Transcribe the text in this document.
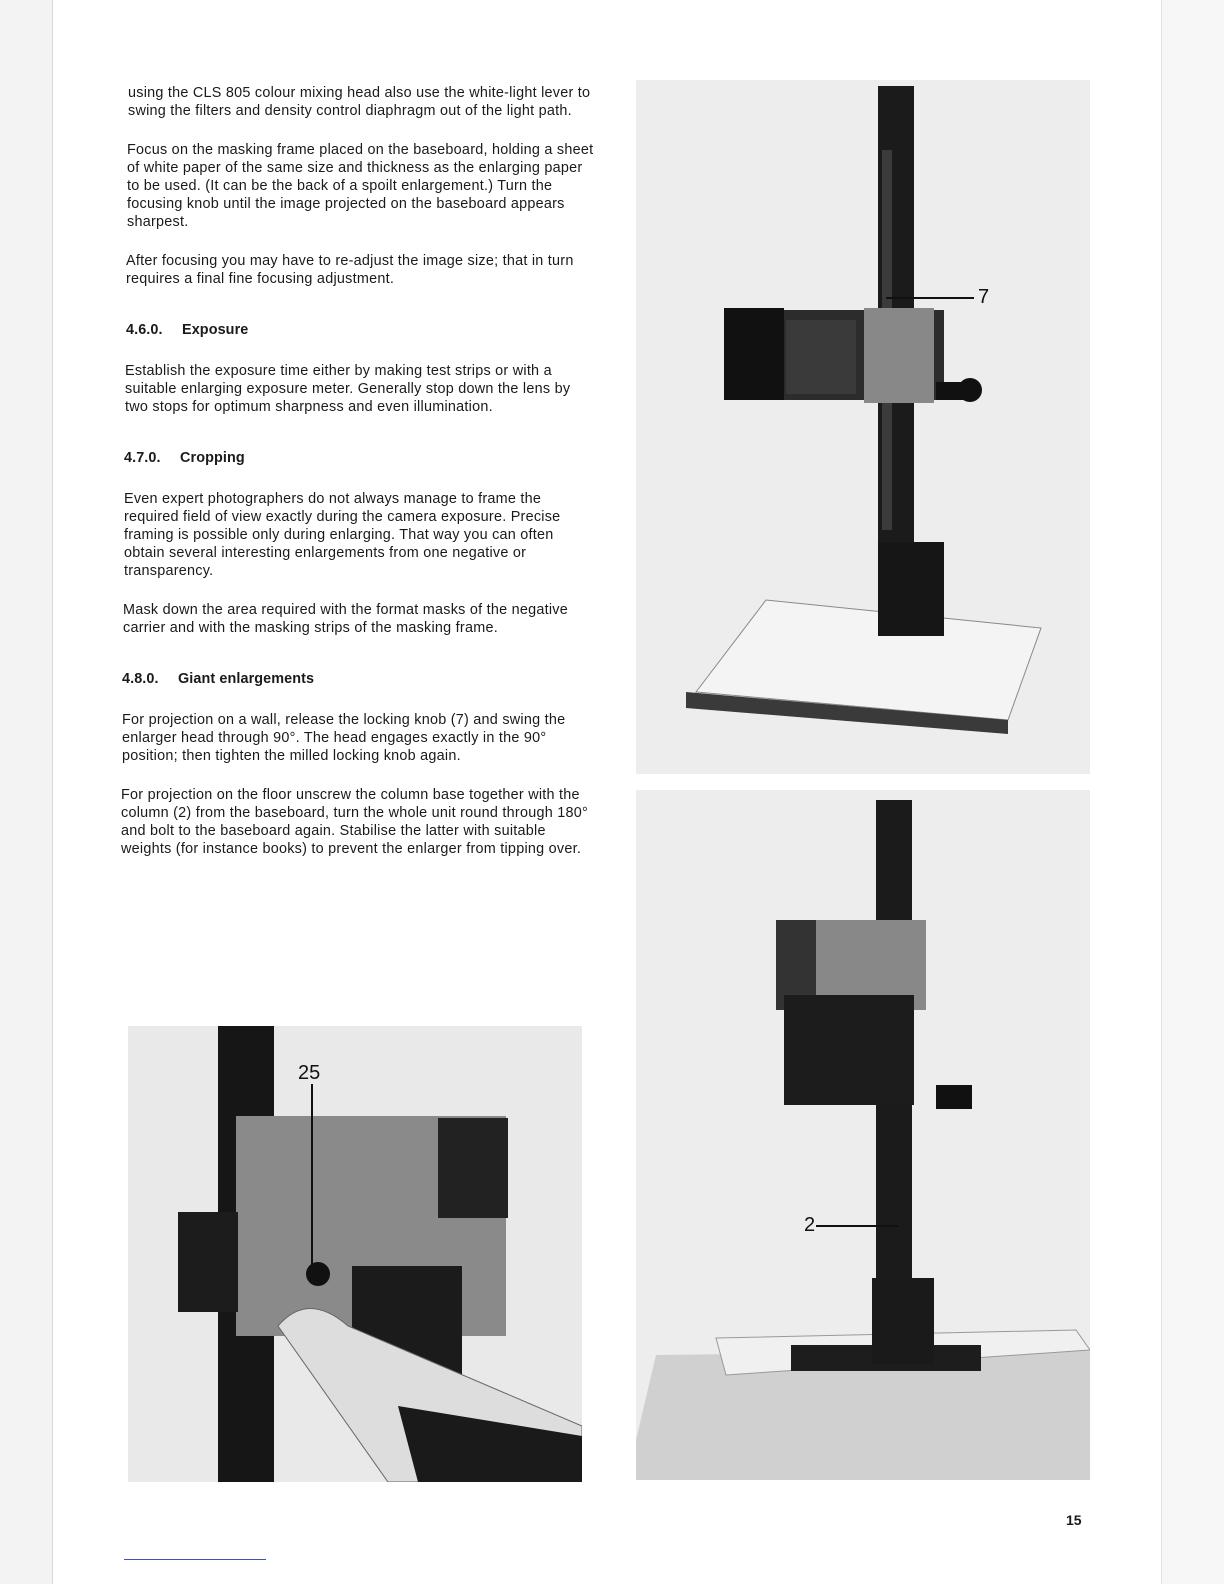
using the CLS 805 colour mixing head also use the white-light lever to swing the filters and density control diaphragm out of the light path.

Focus on the masking frame placed on the baseboard, holding a sheet of white paper of the same size and thickness as the enlarging paper to be used. (It can be the back of a spoilt enlargement.) Turn the focusing knob until the image projected on the baseboard appears sharpest.

After focusing you may have to re-adjust the image size; that in turn requires a final fine focusing adjustment.

4.6.0. Exposure

Establish the exposure time either by making test strips or with a suitable enlarging exposure meter. Generally stop down the lens by two stops for optimum sharpness and even illumination.

4.7.0. Cropping

Even expert photographers do not always manage to frame the required field of view exactly during the camera exposure. Precise framing is possible only during enlarging. That way you can often obtain several interesting enlargements from one negative or transparency.

Mask down the area required with the format masks of the negative carrier and with the masking strips of the masking frame.

4.8.0. Giant enlargements

For projection on a wall, release the locking knob (7) and swing the enlarger head through 90°. The head engages exactly in the 90° position; then tighten the milled locking knob again.

For projection on the floor unscrew the column base together with the column (2) from the baseboard, turn the whole unit round through 180° and bolt to the baseboard again. Stabilise the latter with suitable weights (for instance books) to prevent the enlarger from tipping over.

7
2
25
15
